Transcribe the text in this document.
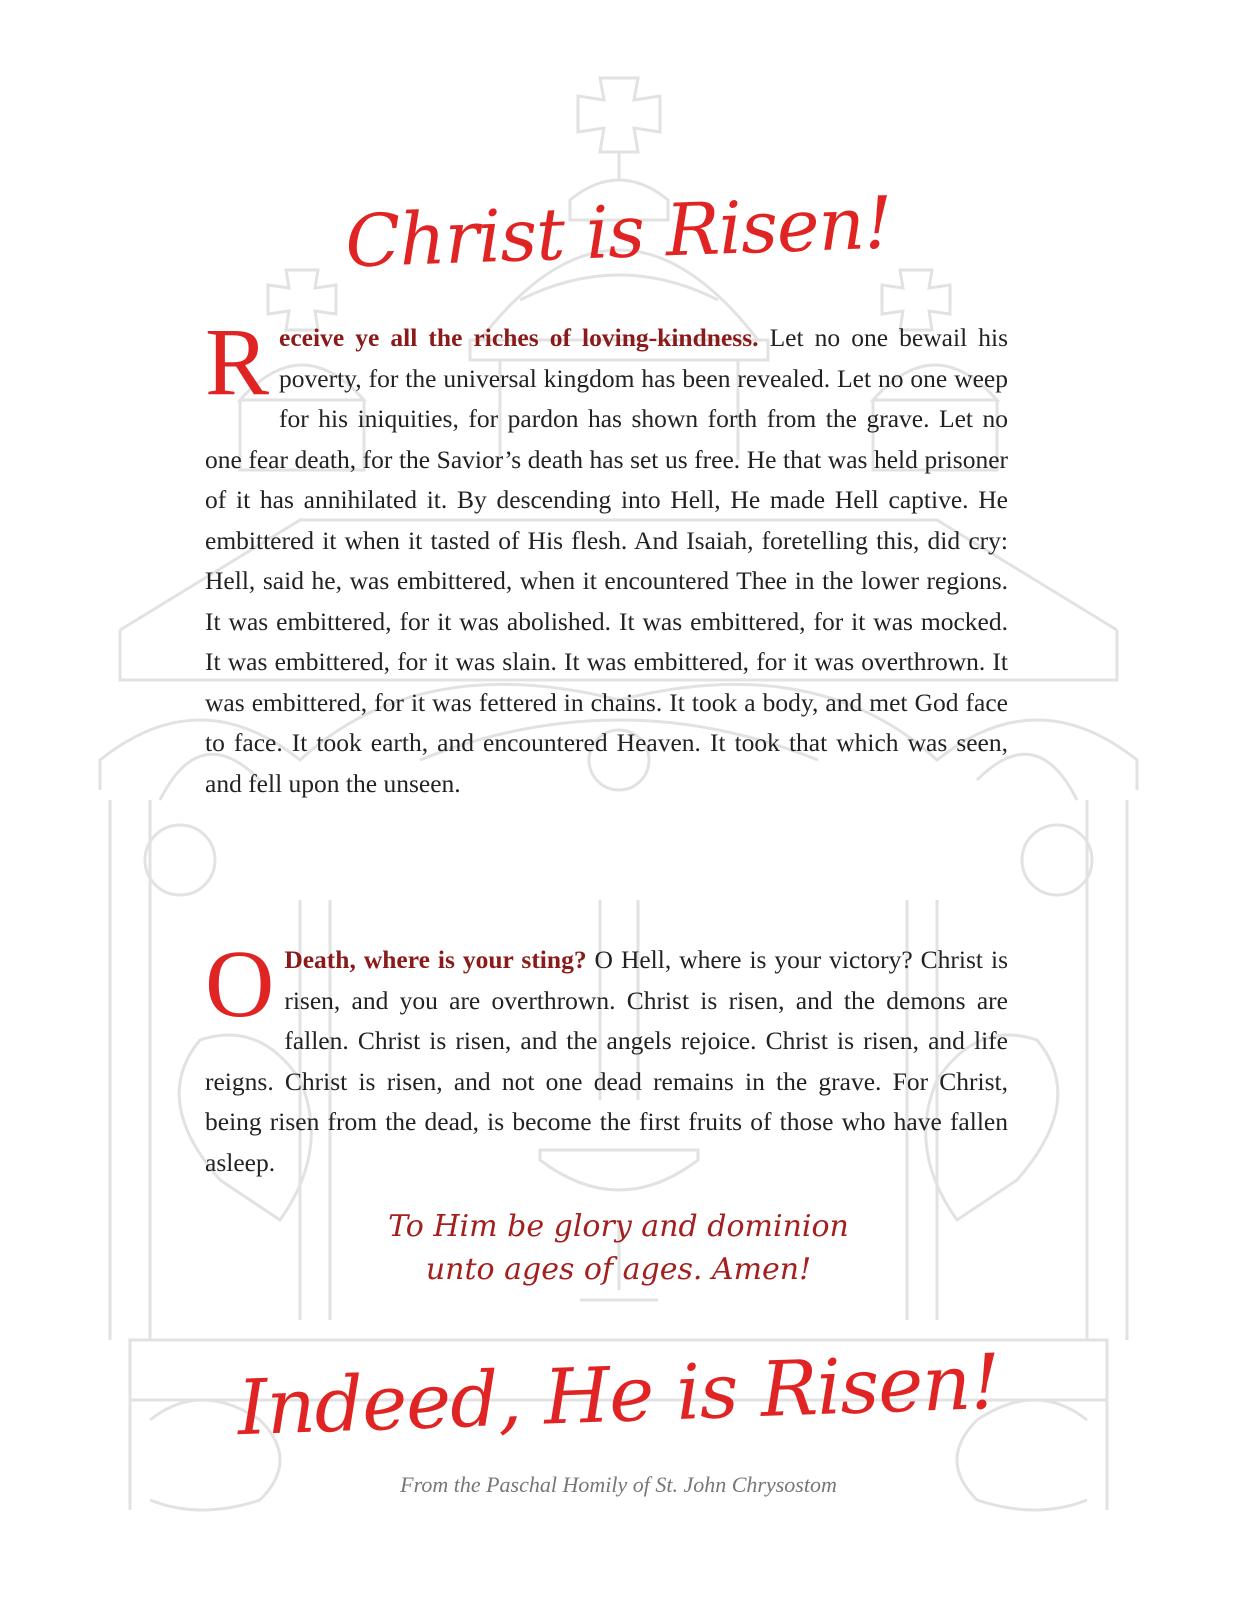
Christ is Risen!

Receive ye all the riches of loving-kindness. Let no one bewail his poverty, for the universal kingdom has been revealed. Let no one weep for his iniquities, for pardon has shown forth from the grave. Let no one fear death, for the Savior’s death has set us free. He that was held prisoner of it has annihilated it. By descending into Hell, He made Hell captive. He embittered it when it tasted of His flesh. And Isaiah, foretelling this, did cry: Hell, said he, was embittered, when it encountered Thee in the lower regions. It was embittered, for it was abolished. It was embittered, for it was mocked. It was embittered, for it was slain. It was embittered, for it was overthrown. It was embittered, for it was fettered in chains. It took a body, and met God face to face. It took earth, and encountered Heaven. It took that which was seen, and fell upon the unseen.

O Death, where is your sting? O Hell, where is your victory? Christ is risen, and you are overthrown. Christ is risen, and the demons are fallen. Christ is risen, and the angels rejoice. Christ is risen, and life reigns. Christ is risen, and not one dead remains in the grave. For Christ, being risen from the dead, is become the first fruits of those who have fallen asleep.

To Him be glory and dominion
unto ages of ages. Amen!
Indeed, He is Risen!

From the Paschal Homily of St. John Chrysostom
